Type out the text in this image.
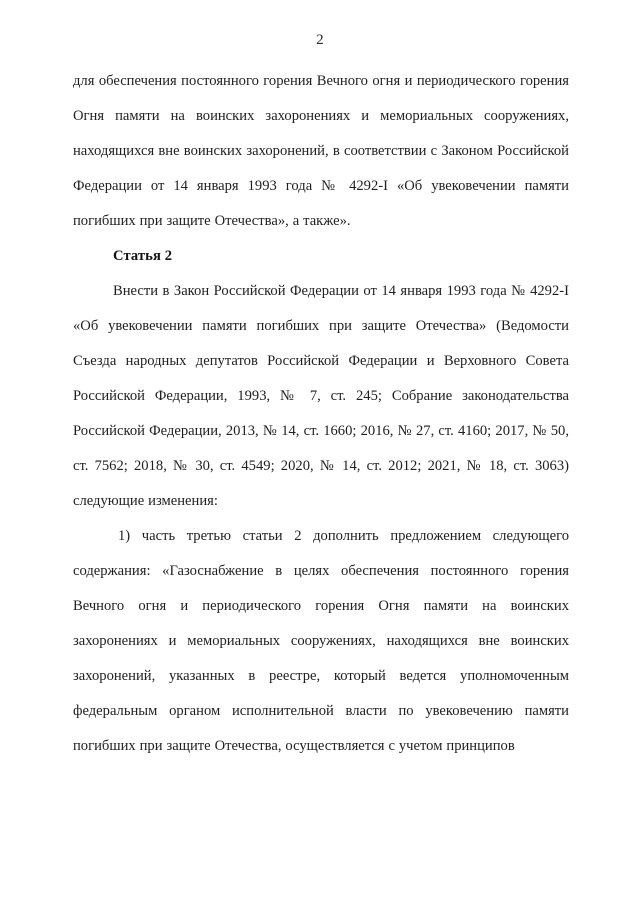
2

для обеспечения постоянного горения Вечного огня и периодического горения Огня памяти на воинских захоронениях и мемориальных сооружениях, находящихся вне воинских захоронений, в соответствии с Законом Российской Федерации от 14 января 1993 года № 4292-I «Об увековечении памяти погибших при защите Отечества», а также».

Статья 2

Внести в Закон Российской Федерации от 14 января 1993 года № 4292-I «Об увековечении памяти погибших при защите Отечества» (Ведомости Съезда народных депутатов Российской Федерации и Верховного Совета Российской Федерации, 1993, № 7, ст. 245; Собрание законодательства Российской Федерации, 2013, № 14, ст. 1660; 2016, № 27, ст. 4160; 2017, № 50, ст. 7562; 2018, № 30, ст. 4549; 2020, № 14, ст. 2012; 2021, № 18, ст. 3063) следующие изменения:

1) часть третью статьи 2 дополнить предложением следующего содержания: «Газоснабжение в целях обеспечения постоянного горения Вечного огня и периодического горения Огня памяти на воинских захоронениях и мемориальных сооружениях, находящихся вне воинских захоронений, указанных в реестре, который ведется уполномоченным федеральным органом исполнительной власти по увековечению памяти погибших при защите Отечества, осуществляется с учетом принципов
